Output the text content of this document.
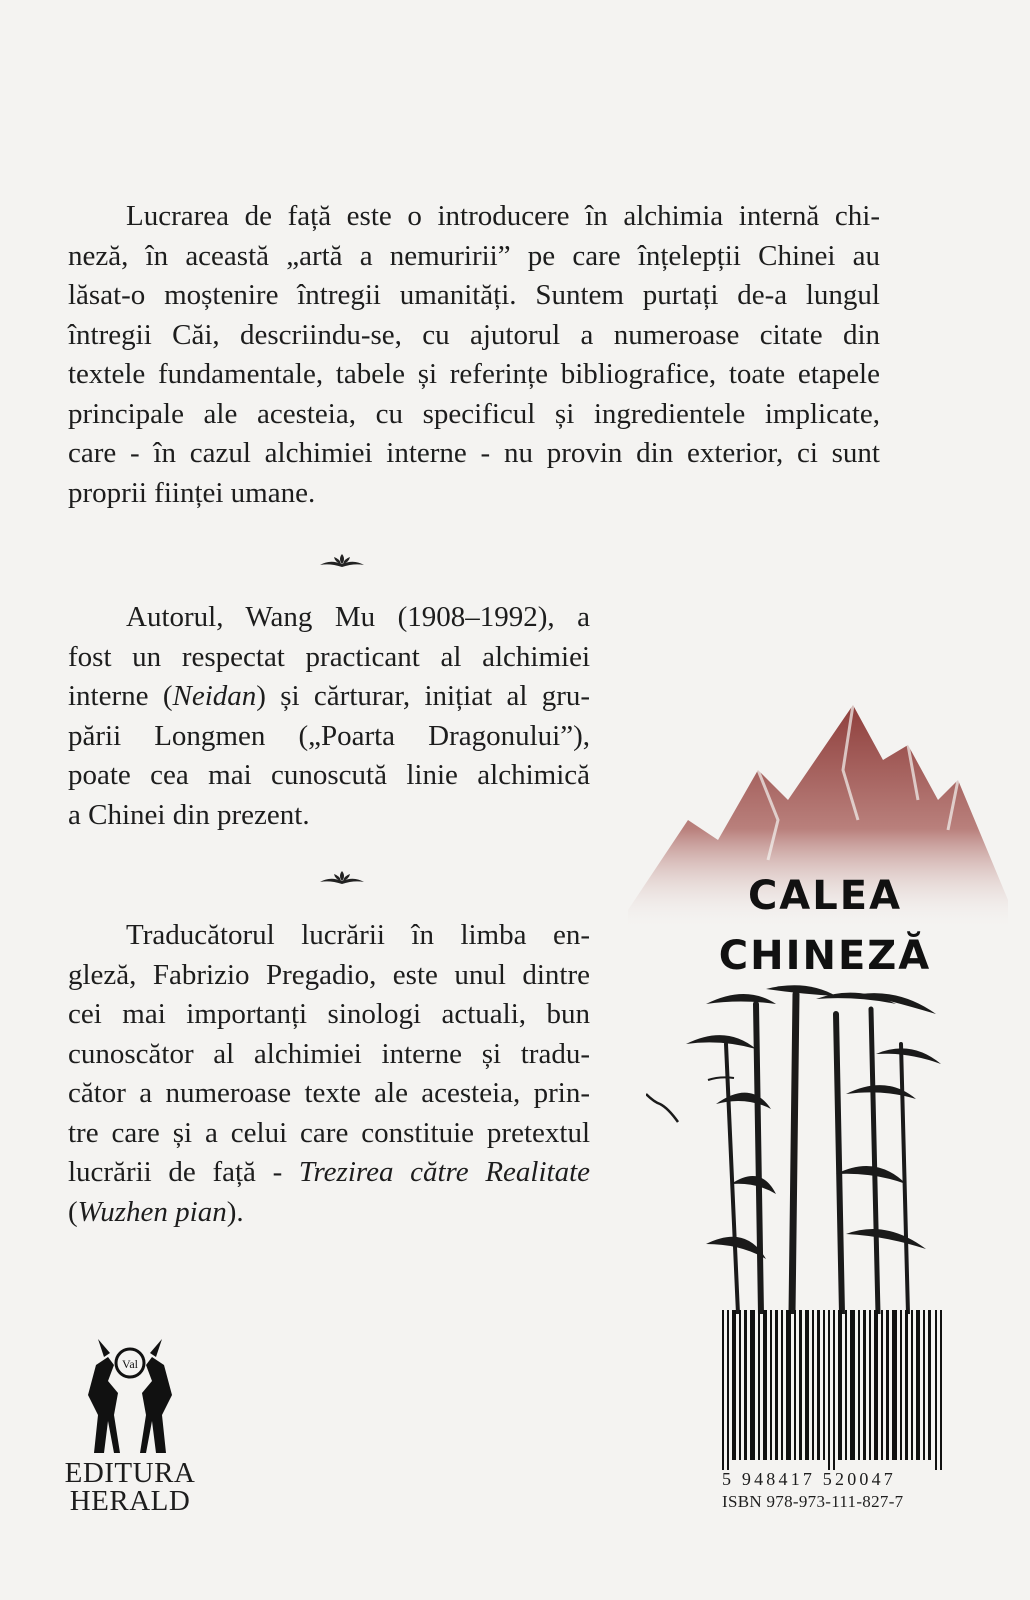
Lucrarea de față este o introducere în alchimia internă chi-
neză, în această „artă a nemuririi” pe care înțelepții Chinei au
lăsat-o moștenire întregii umanități. Suntem purtați de-a lungul
întregii Căi, descriindu-se, cu ajutorul a numeroase citate din
textele fundamentale, tabele și referințe bibliografice, toate etapele
principale ale acesteia, cu specificul și ingredientele implicate,
care - în cazul alchimiei interne - nu provin din exterior, ci sunt
proprii ființei umane.
Autorul, Wang Mu (1908–1992), a
fost un respectat practicant al alchimiei
interne (Neidan) și cărturar, inițiat al gru-
pării Longmen („Poarta Dragonului”),
poate cea mai cunoscută linie alchimică
a Chinei din prezent.
Traducătorul lucrării în limba en-
gleză, Fabrizio Pregadio, este unul dintre
cei mai importanți sinologi actuali, bun
cunoscător al alchimiei interne și tradu-
cător a numeroase texte ale acesteia, prin-
tre care și a celui care constituie pretextul
lucrării de față - Trezirea către Realitate
(Wuzhen pian).
CALEA
CHINEZĂ
5 948417 520047
ISBN 978-973-111-827-7
Val
EDITURA
HERALD
